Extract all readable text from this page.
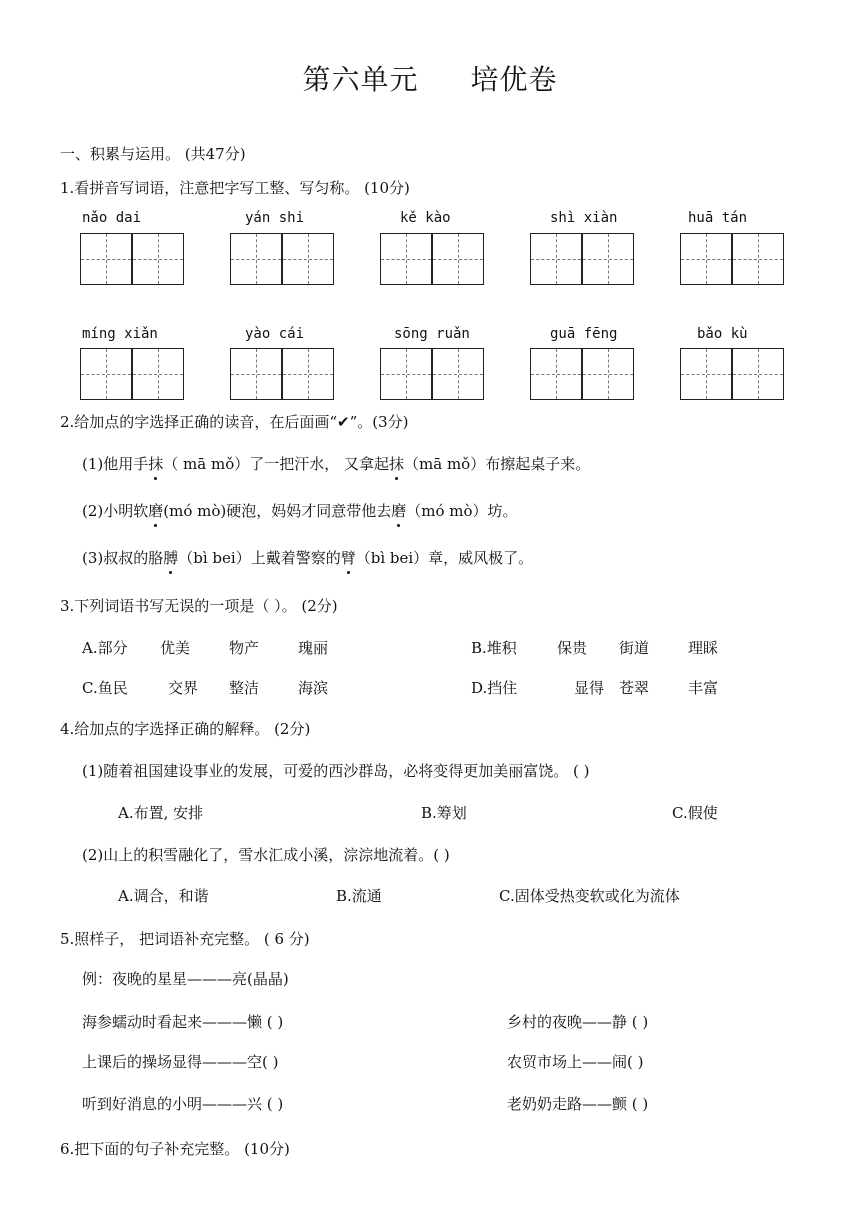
第六单元 培优卷
一、积累与运用。 (共47分)
1.看拼音写词语，注意把字写工整、写匀称。 (10分)
nǎo dai	yán shi	kě kào	shì xiàn	huā tán
míng xiǎn	yào cái	sōng ruǎn	guā fēng	bǎo kù
2.给加点的字选择正确的读音，在后面画“✔”。(3分)
(1)他用手抹（ mā mǒ）了一把汗水， 又拿起抹（mā mǒ）布擦起桌子来。
(2)小明软磨(mó mò)硬泡，妈妈才同意带他去磨（mó mò）坊。
(3)叔叔的胳膊（bì bei）上戴着警察的臂（bì bei）章，威风极了。
3.下列词语书写无误的一项是（ ）。 (2分)
A.部分 优美	物产	瑰丽	B.堆积	保贵 街道	理睬
C.鱼民	交界 整洁	海滨	D.挡住	显得 苍翠	丰富
4.给加点的字选择正确的解释。 (2分)
(1)随着祖国建设事业的发展，可爱的西沙群岛，必将变得更加美丽富饶。 ( )
A.布置, 安排	B.筹划	C.假使
(2)山上的积雪融化了，雪水汇成小溪，淙淙地流着。( )
A.调合，和谐	B.流通	C.固体受热变软或化为流体
5.照样子， 把词语补充完整。 ( 6 分)
例：夜晚的星星———亮(晶晶)
海参蠕动时看起来———懒 ( )	乡村的夜晚——静 ( )
上课后的操场显得———空( )	农贸市场上——闹( )
听到好消息的小明———兴 ( )	老奶奶走路——颤 ( )
6.把下面的句子补充完整。 (10分)
